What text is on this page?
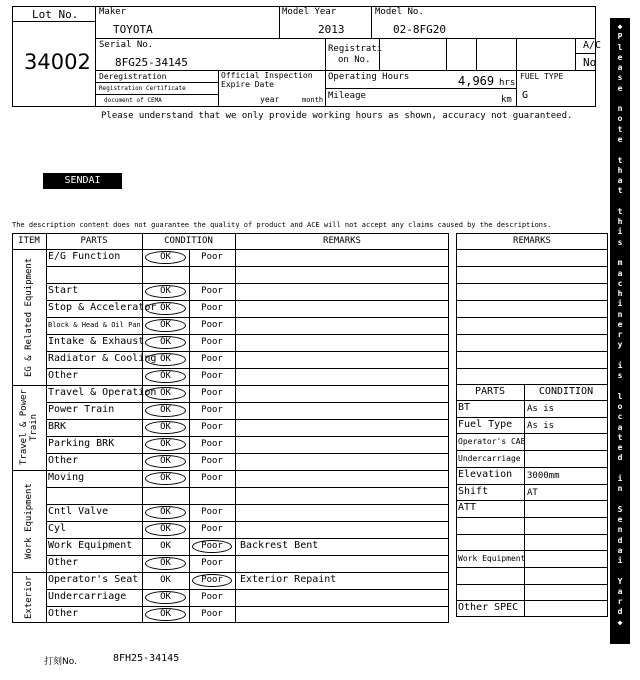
Lot No.
34002
Maker
TOYOTA
Model Year
2013
Model No.
02-8FG20
Serial No.
8FG25-34145
Registrati
on No.
A/C
No
Deregistration
Registration Certificate
document of CEMA
Official Inspection
Expire Date
year	month
Operating Hours	4,969 hrs
Mileage	km
FUEL TYPE
G
Please understand that we only provide working hours as shown, accuracy not guaranteed.
SENDAI
The description content does not guarantee the quality of product and ACE will not accept any claims caused by the descriptions.
ITEM	PARTS	CONDITION	REMARKS
EG & Related Equipment
E/G Function	OK	Poor
Start	OK	Poor
Stop & Accelerator OK	Poor
Block & Head & Oil Pan	OK	Poor
Intake & Exhaust	OK	Poor
Radiator & Cooling OK	Poor
Other	OK	Poor
Travel & Power Train
Travel & Operation OK	Poor
Power Train	OK	Poor
BRK	OK	Poor
Parking BRK	OK	Poor
Other	OK	Poor
Work Equipment
Moving	OK	Poor
Cntl Valve	OK	Poor
Cyl	OK	Poor
Work Equipment	OK	Poor	Backrest Bent
Other	OK	Poor
Exterior	Operator's Seat	OK	Poor	Exterior Repaint
Undercarriage	OK	Poor
Other	OK	Poor
REMARKS
PARTS	CONDITION
BT	As is
Fuel Type As is
Operator's CAB
Undercarriage
Elevation 3000mm
Shift	AT
ATT
Work Equipment
Other SPEC
打刻No.	8FH25-34145
◆
P
l
e
a
s
e
n
o
t
e
t
h
a
t
t
h
i
s
m
a
c
h
i
n
e
r
y
i
s
l
o
c
a
t
e
d
i
n
S
e
n
d
a
i
Y
a
r
d
◆
